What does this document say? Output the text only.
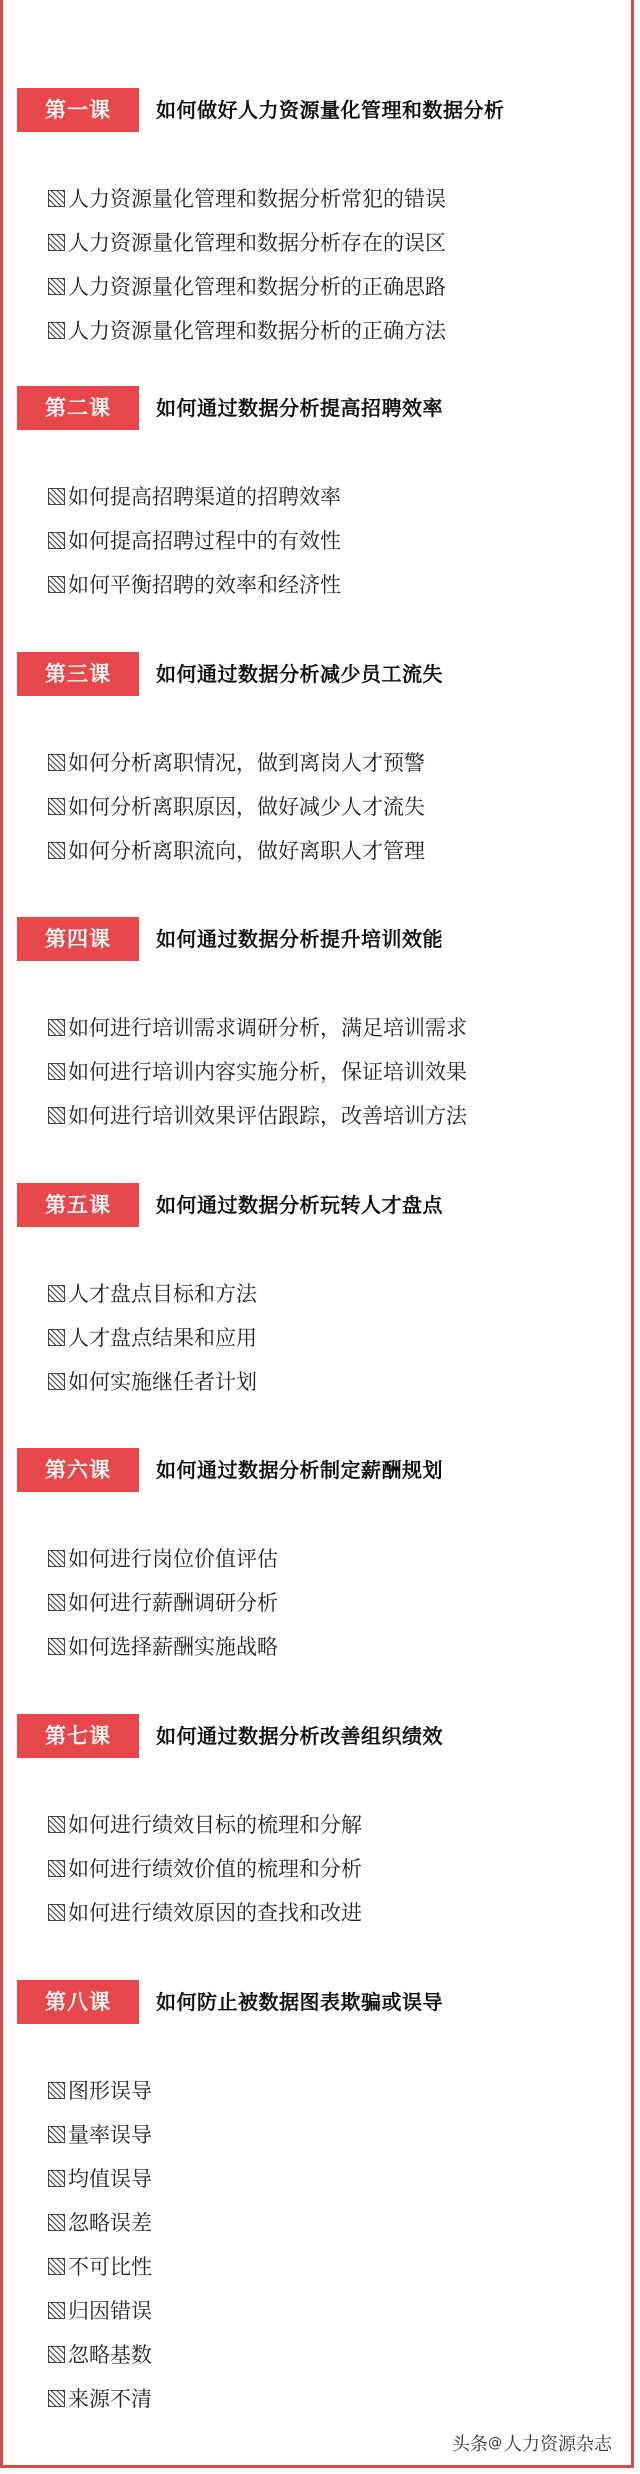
第一课	如何做好人力资源量化管理和数据分析
人力资源量化管理和数据分析常犯的错误
人力资源量化管理和数据分析存在的误区
人力资源量化管理和数据分析的正确思路
人力资源量化管理和数据分析的正确方法
第二课	如何通过数据分析提高招聘效率
如何提高招聘渠道的招聘效率
如何提高招聘过程中的有效性
如何平衡招聘的效率和经济性
第三课	如何通过数据分析减少员工流失
如何分析离职情况，做到离岗人才预警
如何分析离职原因，做好减少人才流失
如何分析离职流向，做好离职人才管理
第四课	如何通过数据分析提升培训效能
如何进行培训需求调研分析，满足培训需求
如何进行培训内容实施分析，保证培训效果
如何进行培训效果评估跟踪，改善培训方法
第五课	如何通过数据分析玩转人才盘点
人才盘点目标和方法
人才盘点结果和应用
如何实施继任者计划
第六课	如何通过数据分析制定薪酬规划
如何进行岗位价值评估
如何进行薪酬调研分析
如何选择薪酬实施战略
第七课	如何通过数据分析改善组织绩效
如何进行绩效目标的梳理和分解
如何进行绩效价值的梳理和分析
如何进行绩效原因的查找和改进
第八课	如何防止被数据图表欺骗或误导
图形误导
量率误导
均值误导
忽略误差
不可比性
归因错误
忽略基数
来源不清
头条 @ 人力资源杂志
